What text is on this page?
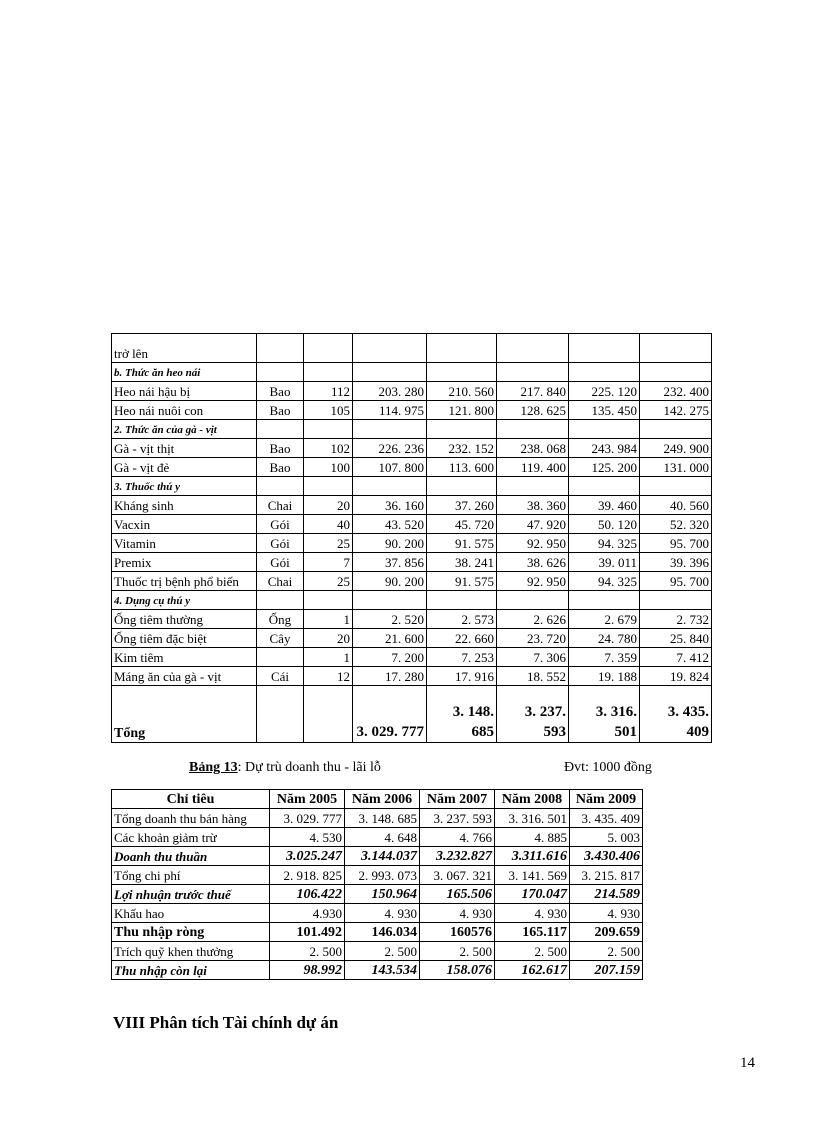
trở lên							
b. Thức ăn heo nái							
Heo nái hậu bị	Bao	112	203. 280	210. 560	217. 840	225. 120	232. 400
Heo nái nuôi con	Bao	105	114. 975	121. 800	128. 625	135. 450	142. 275
2. Thức ăn của gà - vịt							
Gà - vịt thịt	Bao	102	226. 236	232. 152	238. 068	243. 984	249. 900
Gà - vịt đẻ	Bao	100	107. 800	113. 600	119. 400	125. 200	131. 000
3. Thuốc thú y							
Kháng sinh	Chai	20	36. 160	37. 260	38. 360	39. 460	40. 560
Vacxin	Gói	40	43. 520	45. 720	47. 920	50. 120	52. 320
Vitamin	Gói	25	90. 200	91. 575	92. 950	94. 325	95. 700
Premix	Gói	7	37. 856	38. 241	38. 626	39. 011	39. 396
Thuốc trị bệnh phổ biến	Chai	25	90. 200	91. 575	92. 950	94. 325	95. 700
4. Dụng cụ thú y							
Ống tiêm thường	Ống	1	2. 520	2. 573	2. 626	2. 679	2. 732
Ống tiêm đặc biệt	Cây	20	21. 600	22. 660	23. 720	24. 780	25. 840
Kim tiêm		1	7. 200	7. 253	7. 306	7. 359	7. 412
Máng ăn của gà - vịt	Cái	12	17. 280	17. 916	18. 552	19. 188	19. 824
Tổng			3. 029. 777	3. 148. 685	3. 237. 593	3. 316. 501	3. 435. 409
Bảng 13: Dự trù doanh thu - lãi lỗ	Đvt: 1000 đồng
Chỉ tiêu	Năm 2005	Năm 2006	Năm 2007	Năm 2008	Năm 2009
Tổng doanh thu bán hàng	3. 029. 777	3. 148. 685	3. 237. 593	3. 316. 501	3. 435. 409
Các khoản giảm trừ	4. 530	4. 648	4. 766	4. 885	5. 003
Doanh thu thuần	3.025.247	3.144.037	3.232.827	3.311.616	3.430.406
Tổng chi phí	2. 918. 825	2. 993. 073	3. 067. 321	3. 141. 569	3. 215. 817
Lợi nhuận trước thuế	106.422	150.964	165.506	170.047	214.589
Khấu hao	4.930	4. 930	4. 930	4. 930	4. 930
Thu nhập ròng	101.492	146.034	160576	165.117	209.659
Trích quỹ khen thưởng	2. 500	2. 500	2. 500	2. 500	2. 500
Thu nhập còn lại	98.992	143.534	158.076	162.617	207.159
VIII Phân tích Tài chính dự án
14
